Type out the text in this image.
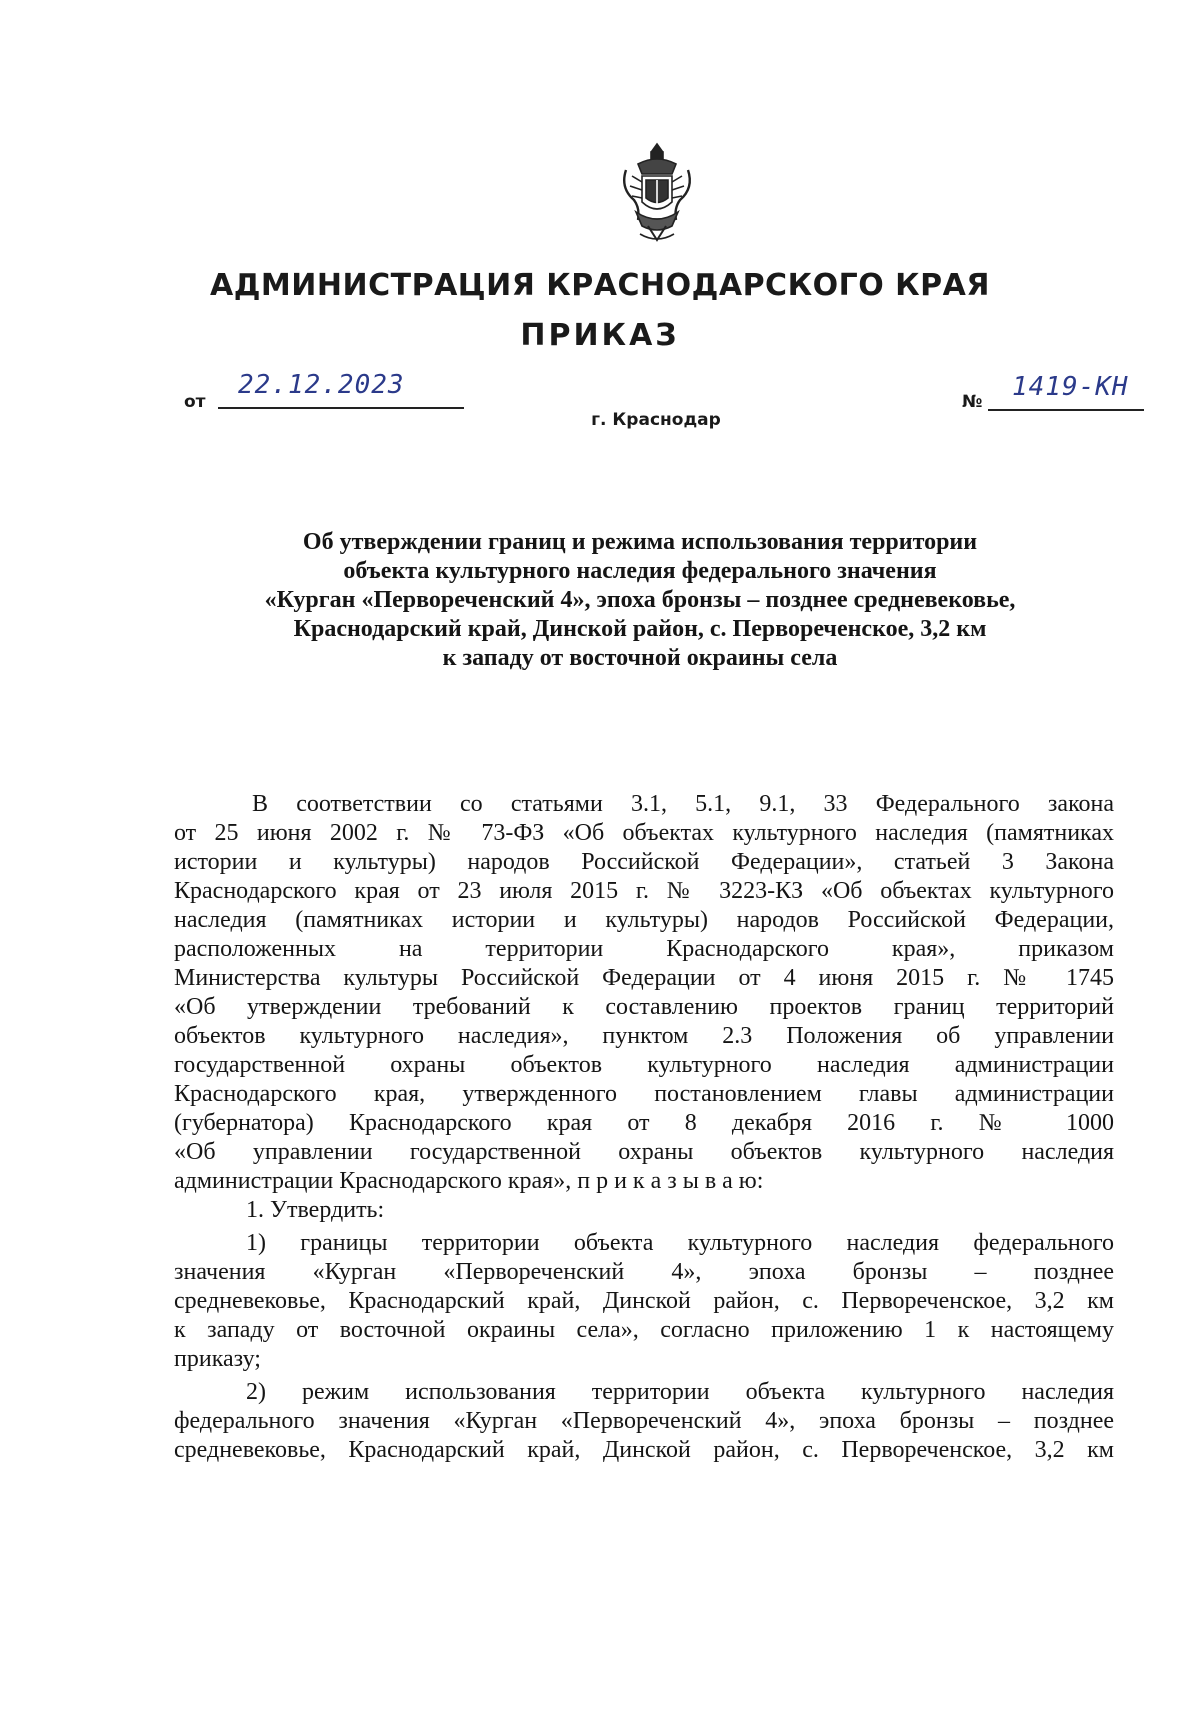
АДМИНИСТРАЦИЯ КРАСНОДАРСКОГО КРАЯ
ПРИКАЗ
от
22.12.2023
№ 1419-КН
г. Краснодар
Об утверждении границ и режима использования территории
объекта культурного наследия федерального значения
«Курган «Первореченский 4», эпоха бронзы – позднее средневековье,
Краснодарский край, Динской район, с. Первореченское, 3,2 км
к западу от восточной окраины села
В соответствии со статьями 3.1, 5.1, 9.1, 33 Федерального закона
от 25 июня 2002 г. № 73-ФЗ «Об объектах культурного наследия (памятниках
истории и культуры) народов Российской Федерации», статьей 3 Закона
Краснодарского края от 23 июля 2015 г. № 3223-КЗ «Об объектах культурного
наследия (памятниках истории и культуры) народов Российской Федерации,
расположенных на территории Краснодарского края», приказом
Министерства культуры Российской Федерации от 4 июня 2015 г. № 1745
«Об утверждении требований к составлению проектов границ территорий
объектов культурного наследия», пунктом 2.3 Положения об управлении
государственной охраны объектов культурного наследия администрации
Краснодарского края, утвержденного постановлением главы администрации
(губернатора) Краснодарского края от 8 декабря 2016 г. № 1000
«Об управлении государственной охраны объектов культурного наследия
администрации Краснодарского края», п р и к а з ы в а ю:
1. Утвердить:
1) границы территории объекта культурного наследия федерального
значения «Курган «Первореченский 4», эпоха бронзы – позднее
средневековье, Краснодарский край, Динской район, с. Первореченское, 3,2 км
к западу от восточной окраины села», согласно приложению 1 к настоящему
приказу;
2) режим использования территории объекта культурного наследия
федерального значения «Курган «Первореченский 4», эпоха бронзы – позднее
средневековье, Краснодарский край, Динской район, с. Первореченское, 3,2 км
